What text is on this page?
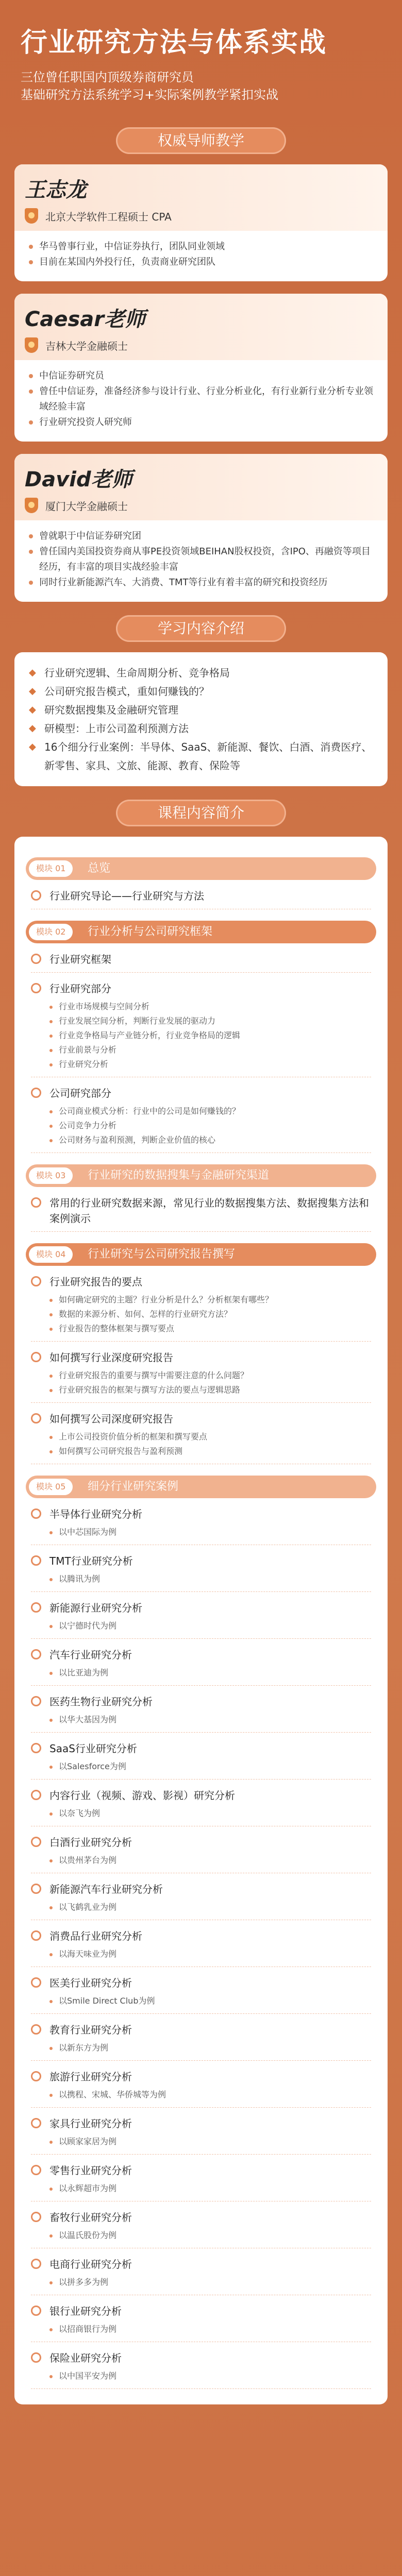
行业研究方法与体系实战
三位曾任职国内顶级券商研究员
基础研究方法系统学习+实际案例教学紧扣实战
权威导师教学
王志龙
北京大学软件工程硕士 CPA
华马曾事行业，中信证券执行，团队同业领域
目前在某国内外投行任，负责商业研究团队
Caesar老师
吉林大学金融硕士
中信证券研究员
曾任中信证券，准备经济参与设计行业、行业分析业化，有行业新行业分析专业领域经验丰富
行业研究投资人研究师
David老师
厦门大学金融硕士
曾就职于中信证券研究团
曾任国内美国投资券商从事PE投资领域BEIHAN股权投资，含IPO、再融资等项目经历，有丰富的项目实战经验丰富
同时行业新能源汽车、大消费、TMT等行业有着丰富的研究和投资经历
学习内容介绍
◆ 行业研究逻辑、生命周期分析、竞争格局
◆ 公司研究报告模式，重如何赚钱的？
◆ 研究数据搜集及金融研究管理
◆ 研模型：上市公司盈利预测方法
◆ 16个细分行业案例：半导体、SaaS、新能源、餐饮、白酒、消费医疗、新零售、家具、文旅、能源、教育、保险等
课程内容简介
模块 01	总览
行业研究导论——行业研究与方法
模块 02	行业分析与公司研究框架
行业研究框架
行业研究部分
行业市场规模与空间分析
行业发展空间分析，判断行业发展的驱动力
行业竞争格局与产业链分析，行业竞争格局的逻辑
行业前景与分析
行业研究分析
公司研究部分
公司商业模式分析：行业中的公司是如何赚钱的？
公司竞争力分析
公司财务与盈利预测，判断企业价值的核心
模块 03	行业研究的数据搜集与金融研究渠道
常用的行业研究数据来源，常见行业的数据搜集方法、数据搜集方法和案例演示
模块 04	行业研究与公司研究报告撰写
行业研究报告的要点
如何确定研究的主题？行业分析是什么？分析框架有哪些？
数据的来源分析、如何、怎样的行业研究方法？
行业报告的整体框架与撰写要点
如何撰写行业深度研究报告
行业研究报告的重要与撰写中需要注意的什么问题？
行业研究报告的框架与撰写方法的要点与逻辑思路
如何撰写公司深度研究报告
上市公司投资价值分析的框架和撰写要点
如何撰写公司研究报告与盈利预测
模块 05	细分行业研究案例
半导体行业研究分析
以中芯国际为例
TMT行业研究分析
以腾讯为例
新能源行业研究分析
以宁德时代为例
汽车行业研究分析
以比亚迪为例
医药生物行业研究分析
以华大基因为例
SaaS行业研究分析
以Salesforce为例
内容行业（视频、游戏、影视）研究分析
以奈飞为例
白酒行业研究分析
以贵州茅台为例
新能源汽车行业研究分析
以飞鹤乳业为例
消费品行业研究分析
以海天味业为例
医美行业研究分析
以Smile Direct Club为例
教育行业研究分析
以新东方为例
旅游行业研究分析
以携程、宋城、华侨城等为例
家具行业研究分析
以顾家家居为例
零售行业研究分析
以永辉超市为例
畜牧行业研究分析
以温氏股份为例
电商行业研究分析
以拼多多为例
银行业研究分析
以招商银行为例
保险业研究分析
以中国平安为例
